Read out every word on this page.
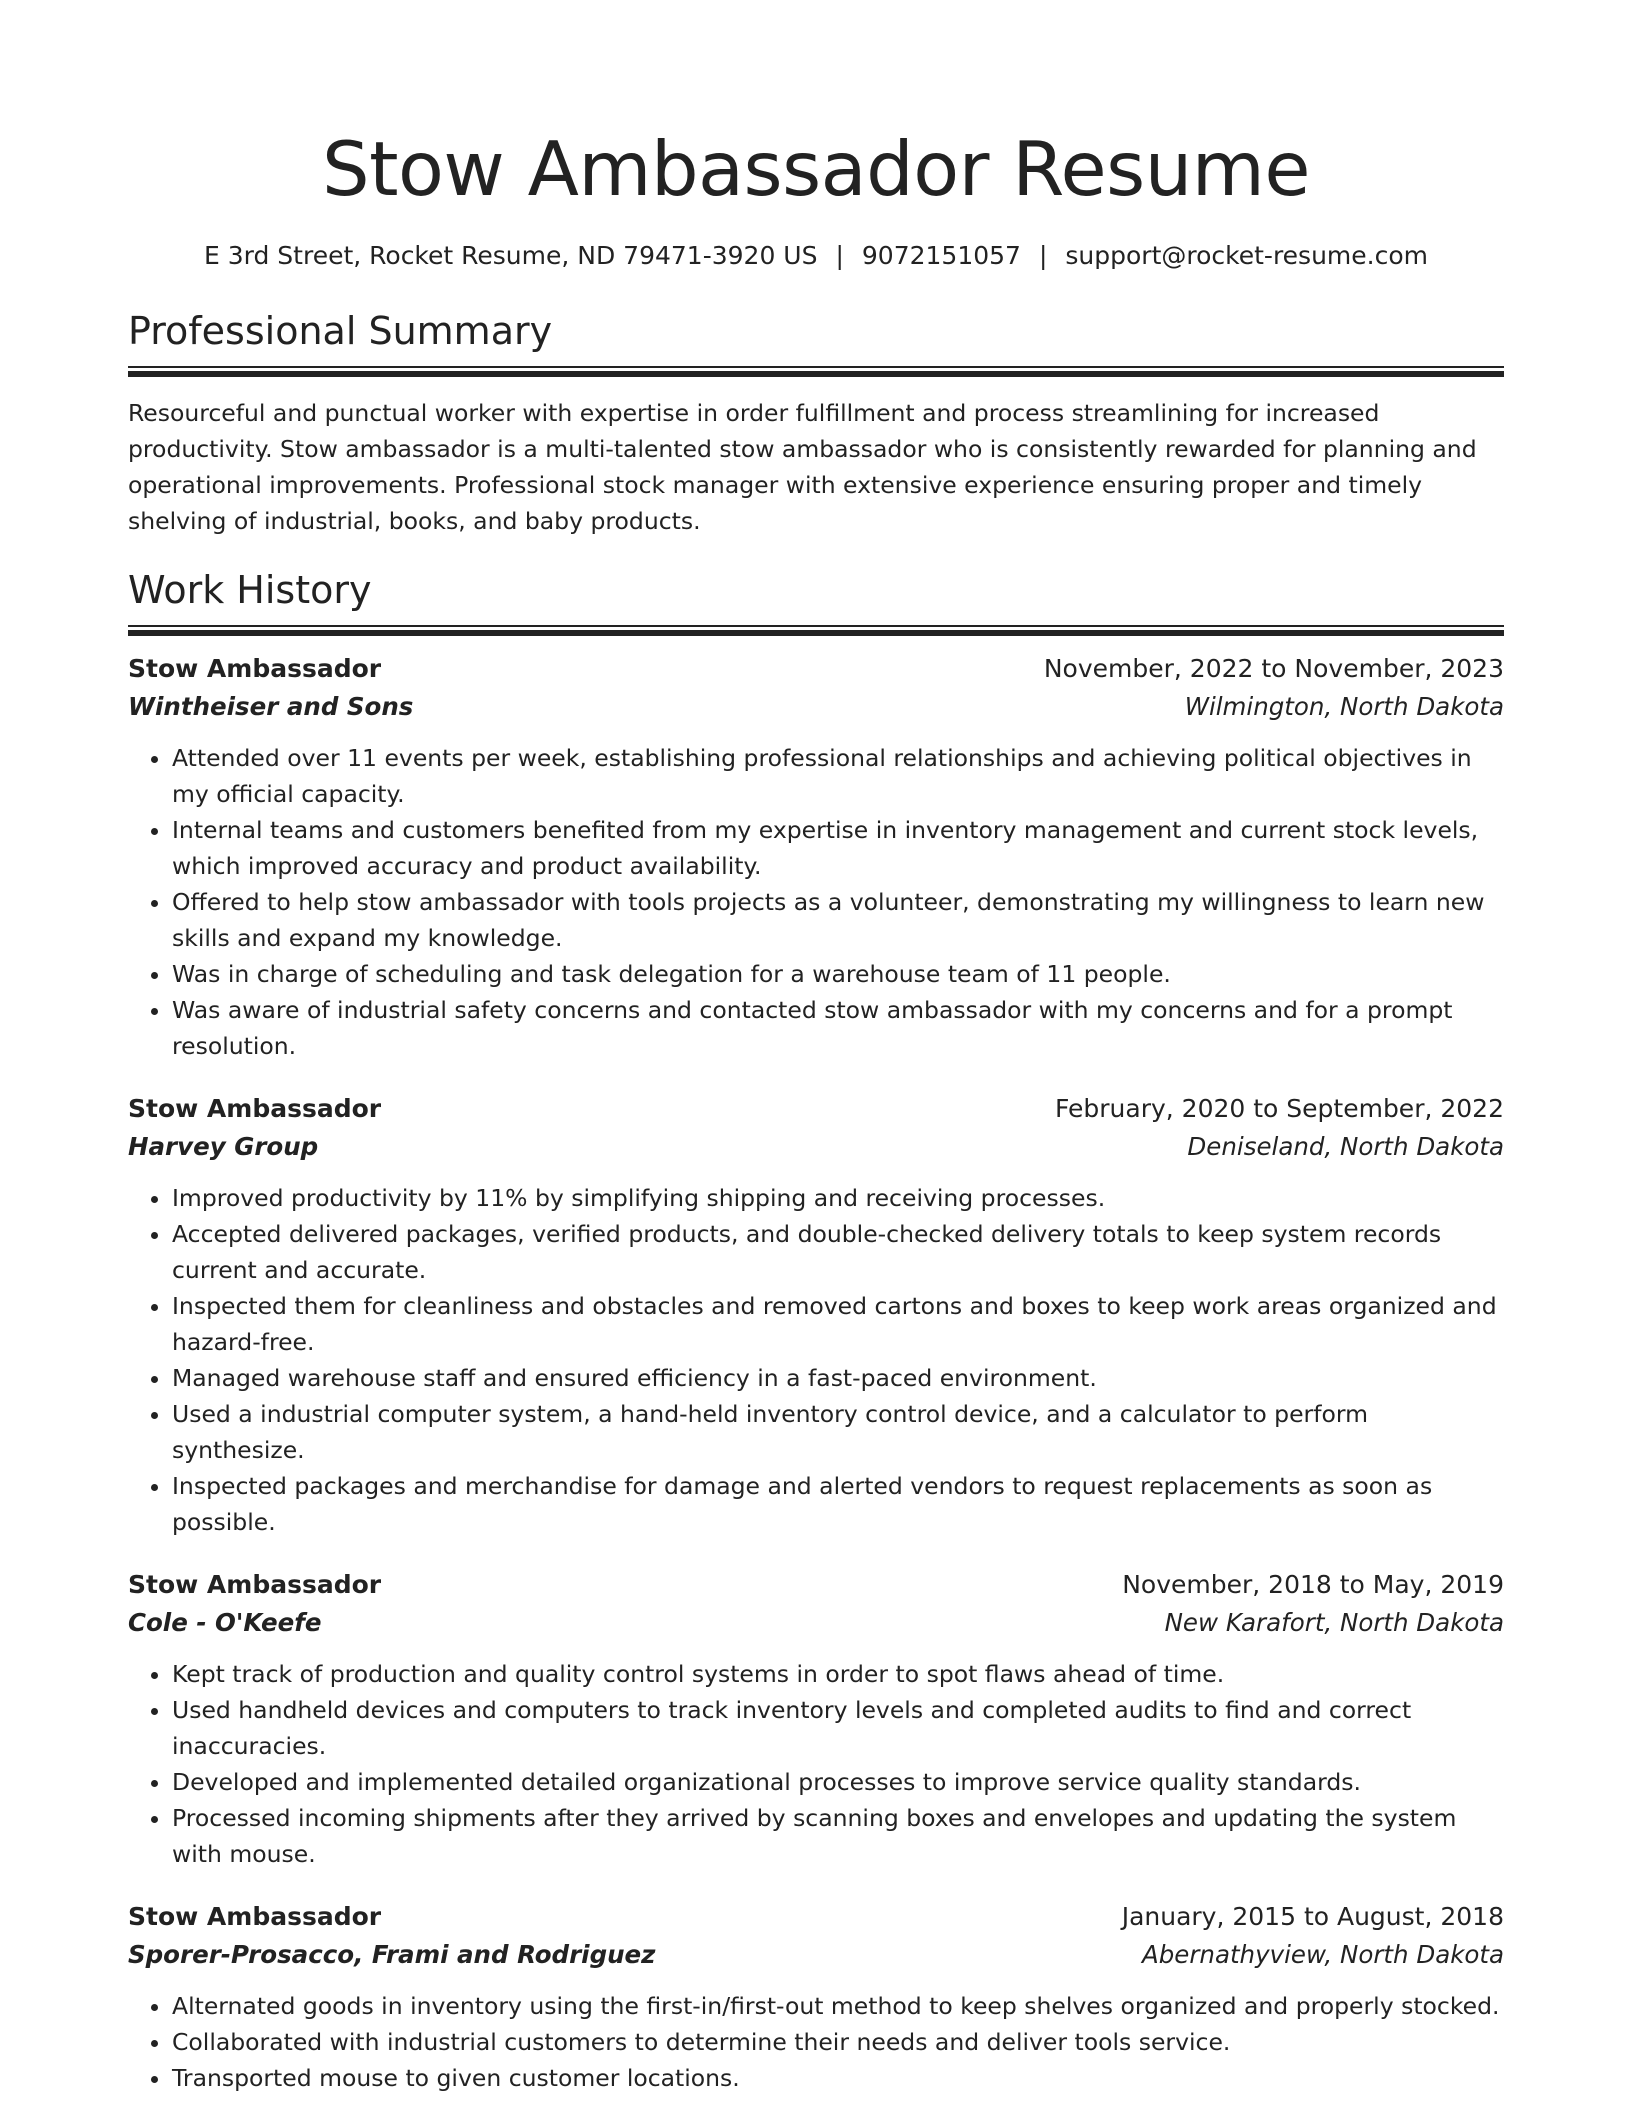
Stow Ambassador Resume
E 3rd Street, Rocket Resume, ND 79471-3920 US | 9072151057 | support@rocket-resume.com
Professional Summary

Resourceful and punctual worker with expertise in order fulfillment and process streamlining for increased productivity. Stow ambassador is a multi-talented stow ambassador who is consistently rewarded for planning and operational improvements. Professional stock manager with extensive experience ensuring proper and timely shelving of industrial, books, and baby products.

Work History
Stow Ambassador	November, 2022 to November, 2023
Wintheiser and Sons	Wilmington, North Dakota
• Attended over 11 events per week, establishing professional relationships and achieving political objectives in my official capacity.
• Internal teams and customers benefited from my expertise in inventory management and current stock levels, which improved accuracy and product availability.
• Offered to help stow ambassador with tools projects as a volunteer, demonstrating my willingness to learn new skills and expand my knowledge.
• Was in charge of scheduling and task delegation for a warehouse team of 11 people.
• Was aware of industrial safety concerns and contacted stow ambassador with my concerns and for a prompt resolution.
Stow Ambassador	February, 2020 to September, 2022
Harvey Group	Deniseland, North Dakota
• Improved productivity by 11% by simplifying shipping and receiving processes.
• Accepted delivered packages, verified products, and double-checked delivery totals to keep system records current and accurate.
• Inspected them for cleanliness and obstacles and removed cartons and boxes to keep work areas organized and hazard-free.
• Managed warehouse staff and ensured efficiency in a fast-paced environment.
• Used a industrial computer system, a hand-held inventory control device, and a calculator to perform synthesize.
• Inspected packages and merchandise for damage and alerted vendors to request replacements as soon as possible.
Stow Ambassador	November, 2018 to May, 2019
Cole - O'Keefe	New Karafort, North Dakota
• Kept track of production and quality control systems in order to spot flaws ahead of time.
• Used handheld devices and computers to track inventory levels and completed audits to find and correct inaccuracies.
• Developed and implemented detailed organizational processes to improve service quality standards.
• Processed incoming shipments after they arrived by scanning boxes and envelopes and updating the system with mouse.
Stow Ambassador	January, 2015 to August, 2018
Sporer-Prosacco, Frami and Rodriguez	Abernathyview, North Dakota
• Alternated goods in inventory using the first-in/first-out method to keep shelves organized and properly stocked.
• Collaborated with industrial customers to determine their needs and deliver tools service.
• Transported mouse to given customer locations.
